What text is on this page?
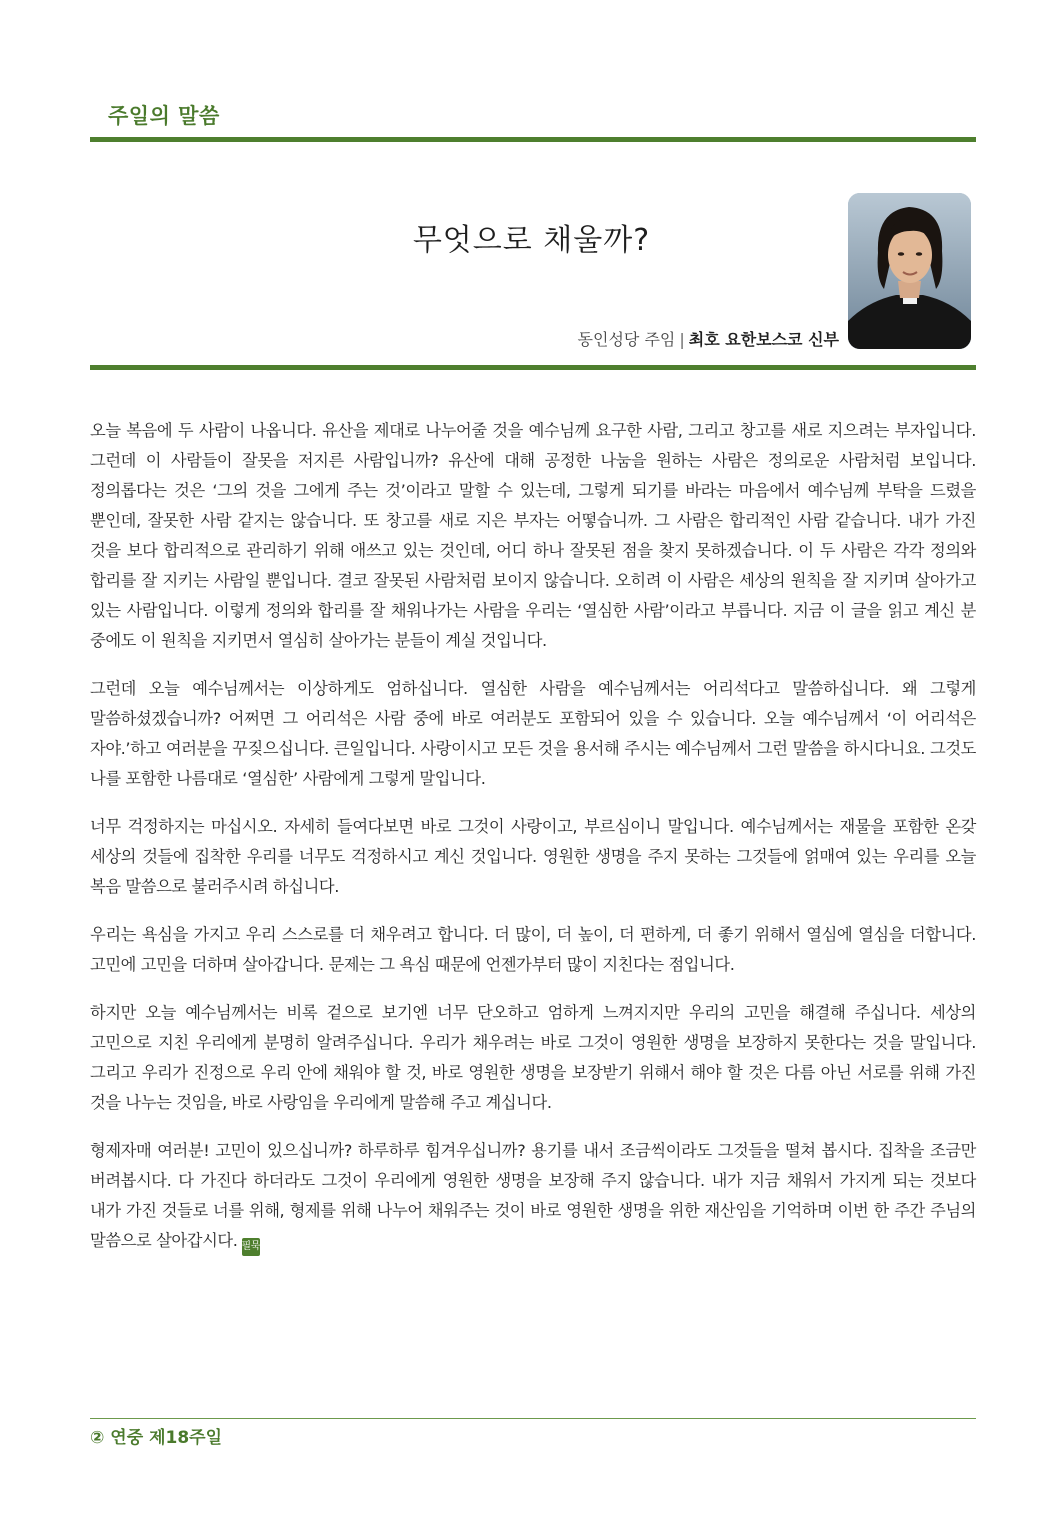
주일의 말씀
무엇으로 채울까?
동인성당 주임 | 최호 요한보스코 신부

오늘 복음에 두 사람이 나옵니다. 유산을 제대로 나누어줄 것을 예수님께 요구한 사람, 그리고 창고를 새로 지으려는 부자입니다. 그런데 이 사람들이 잘못을 저지른 사람입니까? 유산에 대해 공정한 나눔을 원하는 사람은 정의로운 사람처럼 보입니다. 정의롭다는 것은 ‘그의 것을 그에게 주는 것’이라고 말할 수 있는데, 그렇게 되기를 바라는 마음에서 예수님께 부탁을 드렸을 뿐인데, 잘못한 사람 같지는 않습니다. 또 창고를 새로 지은 부자는 어떻습니까. 그 사람은 합리적인 사람 같습니다. 내가 가진 것을 보다 합리적으로 관리하기 위해 애쓰고 있는 것인데, 어디 하나 잘못된 점을 찾지 못하겠습니다. 이 두 사람은 각각 정의와 합리를 잘 지키는 사람일 뿐입니다. 결코 잘못된 사람처럼 보이지 않습니다. 오히려 이 사람은 세상의 원칙을 잘 지키며 살아가고 있는 사람입니다. 이렇게 정의와 합리를 잘 채워나가는 사람을 우리는 ‘열심한 사람’이라고 부릅니다. 지금 이 글을 읽고 계신 분 중에도 이 원칙을 지키면서 열심히 살아가는 분들이 계실 것입니다.

그런데 오늘 예수님께서는 이상하게도 엄하십니다. 열심한 사람을 예수님께서는 어리석다고 말씀하십니다. 왜 그렇게 말씀하셨겠습니까? 어쩌면 그 어리석은 사람 중에 바로 여러분도 포함되어 있을 수 있습니다. 오늘 예수님께서 ‘이 어리석은 자야.’하고 여러분을 꾸짖으십니다. 큰일입니다. 사랑이시고 모든 것을 용서해 주시는 예수님께서 그런 말씀을 하시다니요. 그것도 나를 포함한 나름대로 ‘열심한’ 사람에게 그렇게 말입니다.

너무 걱정하지는 마십시오. 자세히 들여다보면 바로 그것이 사랑이고, 부르심이니 말입니다. 예수님께서는 재물을 포함한 온갖 세상의 것들에 집착한 우리를 너무도 걱정하시고 계신 것입니다. 영원한 생명을 주지 못하는 그것들에 얽매여 있는 우리를 오늘 복음 말씀으로 불러주시려 하십니다.

우리는 욕심을 가지고 우리 스스로를 더 채우려고 합니다. 더 많이, 더 높이, 더 편하게, 더 좋기 위해서 열심에 열심을 더합니다. 고민에 고민을 더하며 살아갑니다. 문제는 그 욕심 때문에 언젠가부터 많이 지친다는 점입니다.

하지만 오늘 예수님께서는 비록 겉으로 보기엔 너무 단오하고 엄하게 느껴지지만 우리의 고민을 해결해 주십니다. 세상의 고민으로 지친 우리에게 분명히 알려주십니다. 우리가 채우려는 바로 그것이 영원한 생명을 보장하지 못한다는 것을 말입니다. 그리고 우리가 진정으로 우리 안에 채워야 할 것, 바로 영원한 생명을 보장받기 위해서 해야 할 것은 다름 아닌 서로를 위해 가진 것을 나누는 것임을, 바로 사랑임을 우리에게 말씀해 주고 계십니다.

형제자매 여러분! 고민이 있으십니까? 하루하루 힘겨우십니까? 용기를 내서 조금씩이라도 그것들을 떨쳐 봅시다. 집착을 조금만 버려봅시다. 다 가진다 하더라도 그것이 우리에게 영원한 생명을 보장해 주지 않습니다. 내가 지금 채워서 가지게 되는 것보다 내가 가진 것들로 너를 위해, 형제를 위해 나누어 채워주는 것이 바로 영원한 생명을 위한 재산임을 기억하며 이번 한 주간 주님의 말씀으로 살아갑시다. 필묵

② 연중 제18주일
